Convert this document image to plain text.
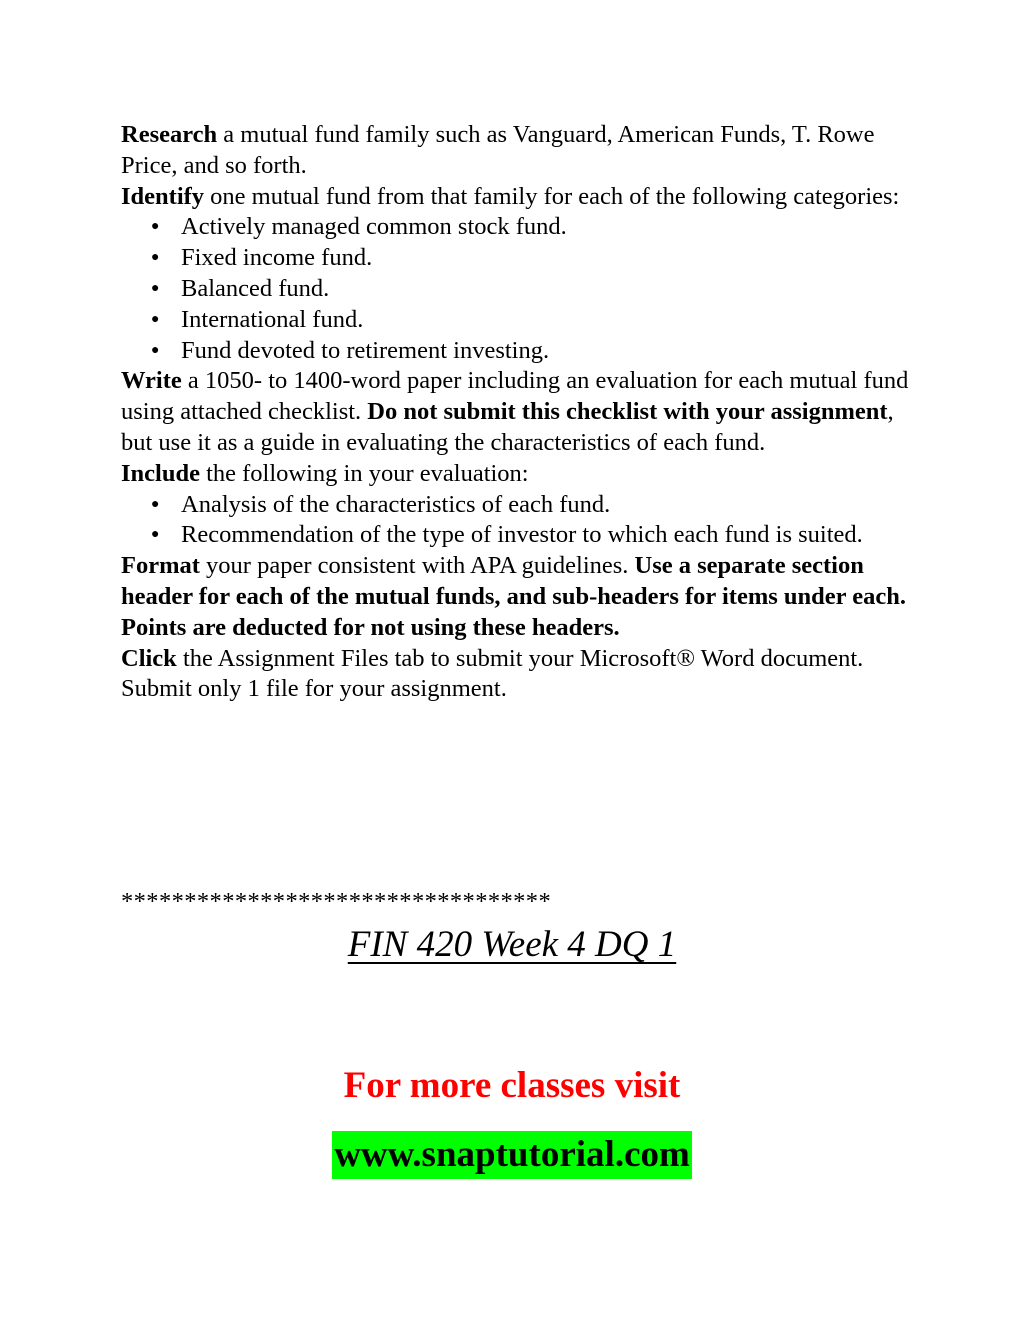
Research a mutual fund family such as Vanguard, American Funds, T. Rowe Price, and so forth.

Identify one mutual fund from that family for each of the following categories:

● Actively managed common stock fund.
● Fixed income fund.
● Balanced fund.
● International fund.
● Fund devoted to retirement investing.

Write a 1050- to 1400-word paper including an evaluation for each mutual fund using attached checklist. Do not submit this checklist with your assignment, but use it as a guide in evaluating the characteristics of each fund.

Include the following in your evaluation:

● Analysis of the characteristics of each fund.
● Recommendation of the type of investor to which each fund is suited.

Format your paper consistent with APA guidelines. Use a separate section header for each of the mutual funds, and sub-headers for items under each. Points are deducted for not using these headers.

Click the Assignment Files tab to submit your Microsoft® Word document. Submit only 1 file for your assignment.

**********************************
FIN 420 Week 4 DQ 1
For more classes visit
www.snaptutorial.com
